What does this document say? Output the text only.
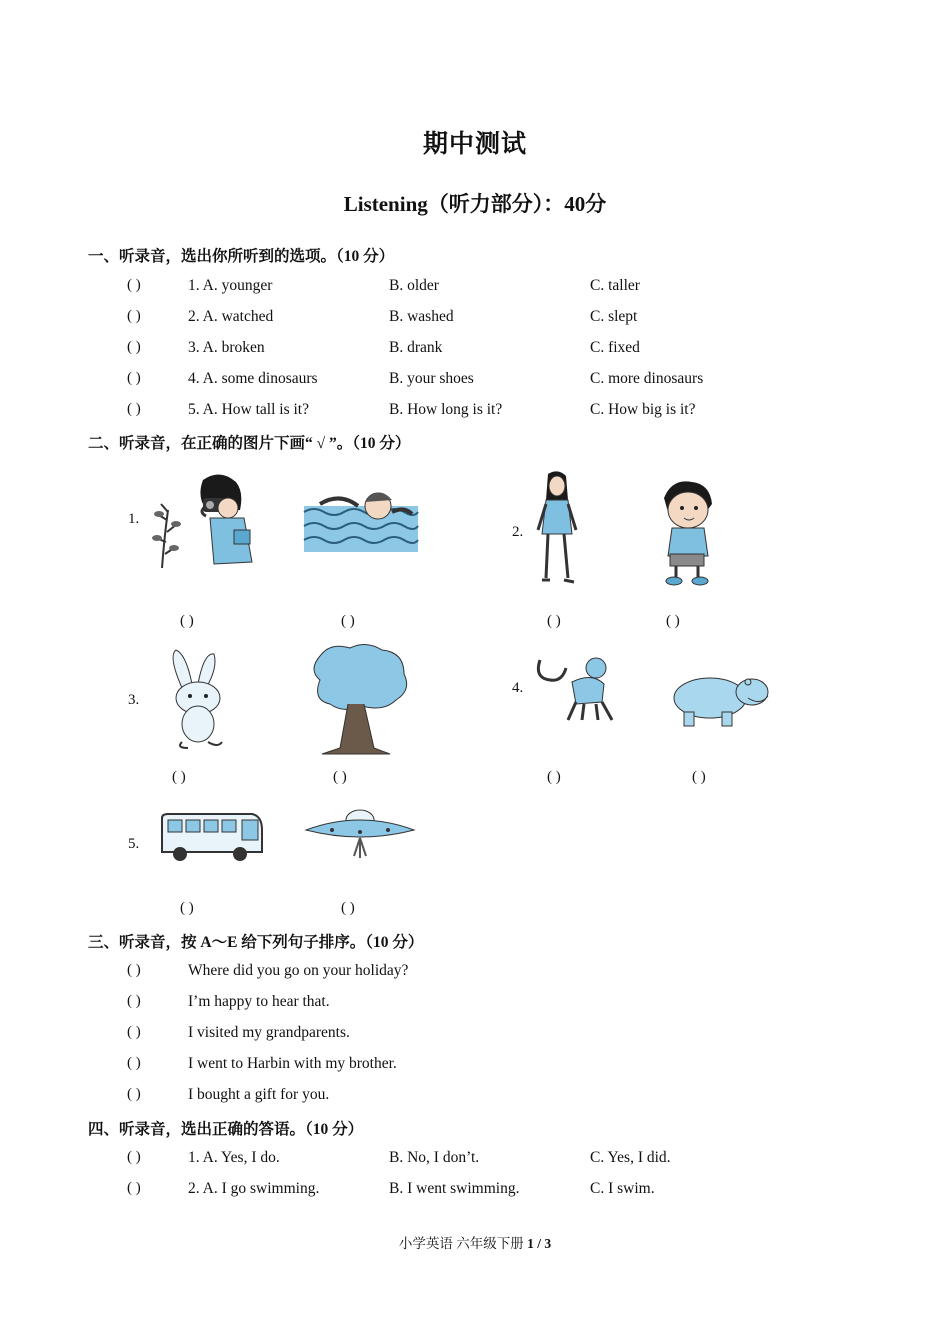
期中测试
Listening（听力部分）：40分
一、听录音，选出你所听到的选项。（10 分）
( )	1. A. younger	B. older	C. taller
( )	2. A. watched	B. washed	C. slept
( )	3. A. broken	B. drank	C. fixed
( )	4. A. some dinosaurs	B. your shoes	C. more dinosaurs
( )	5. A. How tall is it?	B. How long is it?	C. How big is it?
二、听录音，在正确的图片下画“ √ ”。（10 分）
1.
2.
3.
4.
5.
( )	( )	( )	( )
( )	( )	( )	( )
( )	( )
三、听录音，按 A～E 给下列句子排序。（10 分）
( )	Where did you go on your holiday?
( )	I’m happy to hear that.
( )	I visited my grandparents.
( )	I went to Harbin with my brother.
( )	I bought a gift for you.
四、听录音，选出正确的答语。（10 分）
( )	1. A. Yes, I do.	B. No, I don’t.	C. Yes, I did.
( )	2. A. I go swimming.	B. I went swimming.	C. I swim.
小学英语 六年级下册 1 / 3
